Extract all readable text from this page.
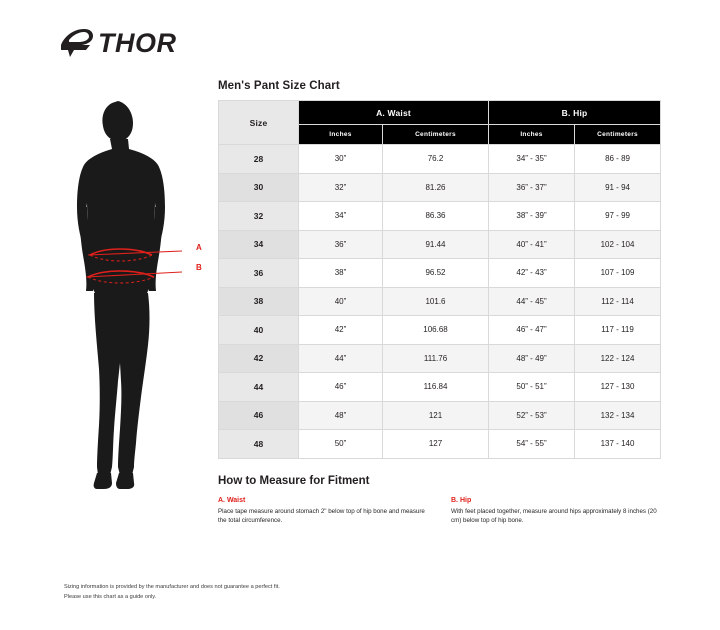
THOR
A
B
Men's Pant Size Chart
Size	A. Waist		B. Hip	
	Inches	Centimeters	Inches	Centimeters
28	30”	76.2	34” - 35”	86 - 89
30	32”	81.26	36” - 37”	91 - 94
32	34”	86.36	38” - 39”	97 - 99
34	36”	91.44	40” - 41”	102 - 104
36	38”	96.52	42” - 43”	107 - 109
38	40”	101.6	44” - 45”	112 - 114
40	42”	106.68	46” - 47”	117 - 119
42	44”	111.76	48” - 49”	122 - 124
44	46”	116.84	50” - 51”	127 - 130
46	48”	121	52” - 53”	132 - 134
48	50”	127	54” - 55”	137 - 140
How to Measure for Fitment
A. Waist
Place tape measure around stomach 2" below top of hip bone and measure the total circumference.
B. Hip
With feet placed together, measure around hips approximately 8 inches (20 cm) below top of hip bone.
Sizing information is provided by the manufacturer and does not guarantee a perfect fit.
Please use this chart as a guide only.
